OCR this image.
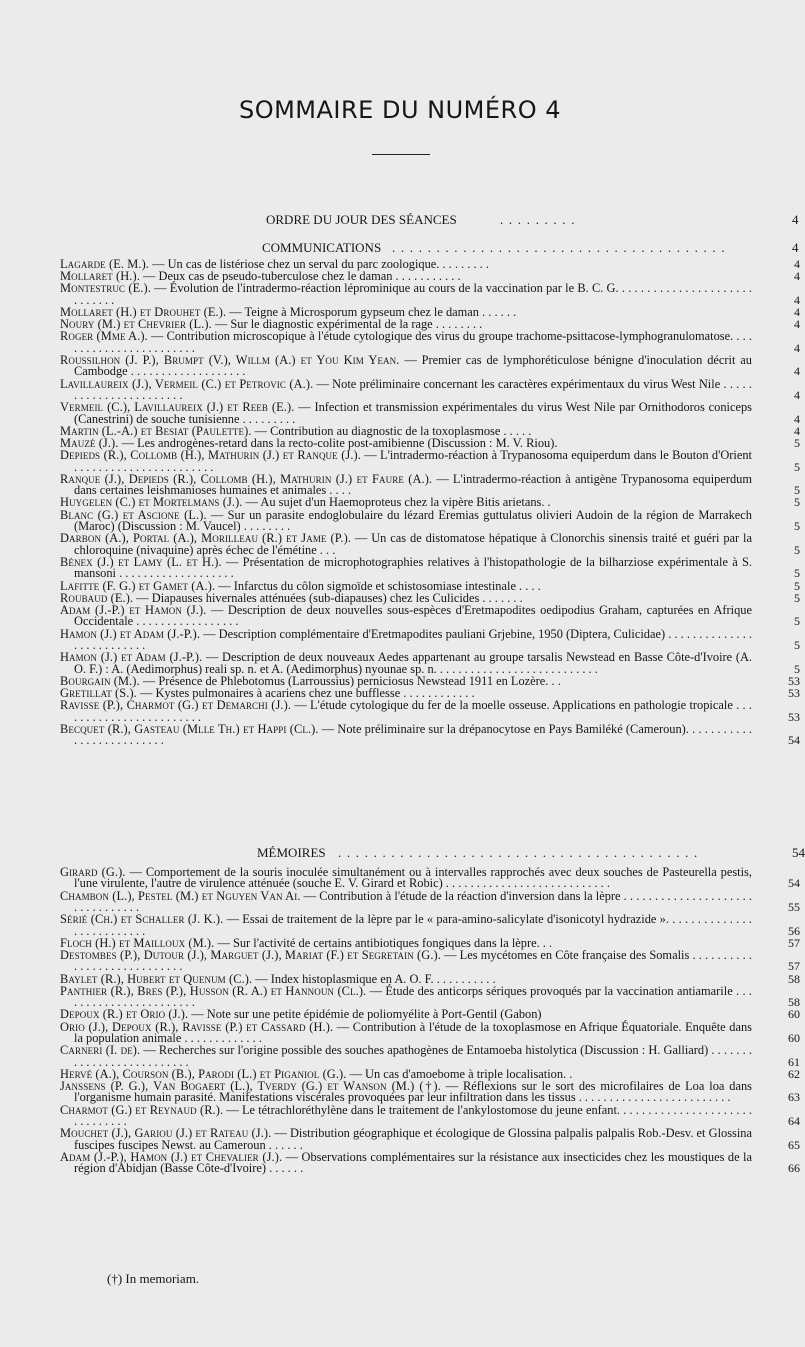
SOMMAIRE DU NUMÉRO 4
ORDRE DU JOUR DES SÉANCES	. . . . . . . . .	4
COMMUNICATIONS . . . . . . . . . . . . . . . . . . . . . . . . . . . . . . . . . . . . . .	4
Lagarde (E. M.). — Un cas de listériose chez un serval du parc zoologique. . . . . . . . .	4
Mollaret (H.). — Deux cas de pseudo-tuberculose chez le daman . . . . . . . . . . .	4
Montestruc (E.). — Évolution de l'intradermo-réaction léprominique au cours de la vaccination par le B. C. G. . . . . . . . . . . . . . . . . . . . . . . . . . . . .	4
Mollaret (H.) et Drouhet (E.). — Teigne à Microsporum gypseum chez le daman . . . . . .	4
Noury (M.) et Chevrier (L.). — Sur le diagnostic expérimental de la rage . . . . . . . .	4
Roger (Mme A.). — Contribution microscopique à l'étude cytologique des virus du groupe trachome-psittacose-lymphogranulomatose. . . . . . . . . . . . . . . . . . . . . . . .	4
Roussilhon (J. P.), Brumpt (V.), Willm (A.) et You Kim Yean. — Premier cas de lymphoréticulose bénigne d'inoculation décrit au Cambodge . . . . . . . . . . . . . . . . . . .	4
Lavillaureix (J.), Vermeil (C.) et Petrovic (A.). — Note préliminaire concernant les caractères expérimentaux du virus West Nile . . . . . . . . . . . . . . . . . . . . . . .	4
Vermeil (C.), Lavillaureix (J.) et Reeb (E.). — Infection et transmission expérimentales du virus West Nile par Ornithodoros coniceps (Canestrini) de souche tunisienne . . . . . . . . .	4
Martin (L.-A.) et Besiat (Paulette). — Contribution au diagnostic de la toxoplasmose . . . . .	4
Mauzé (J.). — Les androgènes-retard dans la recto-colite post-amibienne (Discussion : M. V. Riou).	5
Depieds (R.), Collomb (H.), Mathurin (J.) et Ranque (J.). — L'intradermo-réaction à Trypanosoma equiperdum dans le Bouton d'Orient . . . . . . . . . . . . . . . . . . . . . . .	5
Ranque (J.), Depieds (R.), Collomb (H.), Mathurin (J.) et Faure (A.). — L'intradermo-réaction à antigène Trypanosoma equiperdum dans certaines leishmanioses humaines et animales . . . .	5
Huygelen (C.) et Mortelmans (J.). — Au sujet d'un Haemoproteus chez la vipère Bitis arietans. .	5
Blanc (G.) et Ascione (L.). — Sur un parasite endoglobulaire du lézard Eremias guttulatus olivieri Audoin de la région de Marrakech (Maroc) (Discussion : M. Vaucel) . . . . . . . .	5
Darbon (A.), Portal (A.), Morilleau (R.) et Jame (P.). — Un cas de distomatose hépatique à Clonorchis sinensis traité et guéri par la chloroquine (nivaquine) après échec de l'émétine . . .	5
Bénex (J.) et Lamy (L. et H.). — Présentation de microphotographies relatives à l'histopathologie de la bilharziose expérimentale à S. mansoni . . . . . . . . . . . . . . . . . . .	5
Lafitte (F. G.) et Gamet (A.). — Infarctus du côlon sigmoïde et schistosomiase intestinale . . . .	5
Roubaud (E.). — Diapauses hivernales atténuées (sub-diapauses) chez les Culicides . . . . . . .	5
Adam (J.-P.) et Hamon (J.). — Description de deux nouvelles sous-espèces d'Eretmapodites oedipodius Graham, capturées en Afrique Occidentale . . . . . . . . . . . . . . . . .	5
Hamon (J.) et Adam (J.-P.). — Description complémentaire d'Eretmapodites pauliani Grjebine, 1950 (Diptera, Culicidae) . . . . . . . . . . . . . . . . . . . . . . . . . .	5
Hamon (J.) et Adam (J.-P.). — Description de deux nouveaux Aedes appartenant au groupe tarsalis Newstead en Basse Côte-d'Ivoire (A. O. F.) : A. (Aedimorphus) reali sp. n. et A. (Aedimorphus) nyounae sp. n. . . . . . . . . . . . . . . . . . . . . . . . . . .	5
Bourgain (M.). — Présence de Phlebotomus (Larroussius) perniciosus Newstead 1911 en Lozère. . .	53
Gretillat (S.). — Kystes pulmonaires à acariens chez une bufflesse . . . . . . . . . . . .	53
Ravisse (P.), Charmot (G.) et Demarchi (J.). — L'étude cytologique du fer de la moelle osseuse. Applications en pathologie tropicale . . . . . . . . . . . . . . . . . . . . . . . .	53
Becquet (R.), Gasteau (Mlle Th.) et Happi (Cl.). — Note préliminaire sur la drépanocytose en Pays Bamiléké (Cameroun). . . . . . . . . . . . . . . . . . . . . . . . . .	54
MÉMOIRES . . . . . . . . . . . . . . . . . . . . . . . . . . . . . . . . . . . . . . . . .	54
Girard (G.). — Comportement de la souris inoculée simultanément ou à intervalles rapprochés avec deux souches de Pasteurella pestis, l'une virulente, l'autre de virulence atténuée (souche E. V. Girard et Robic) . . . . . . . . . . . . . . . . . . . . . . . . . . .	54
Chambon (L.), Pestel (M.) et Nguyen Van Ai. — Contribution à l'étude de la réaction d'inversion dans la lèpre . . . . . . . . . . . . . . . . . . . . . . . . . . . . . . . .	55
Sérié (Ch.) et Schaller (J. K.). — Essai de traitement de la lèpre par le « para-amino-salicylate d'isonicotyl hydrazide ». . . . . . . . . . . . . . . . . . . . . . . . . .	56
Floch (H.) et Mailloux (M.). — Sur l'activité de certains antibiotiques fongiques dans la lèpre. . .	57
Destombes (P.), Dutour (J.), Marguet (J.), Mariat (F.) et Segretain (G.). — Les mycétomes en Côte française des Somalis . . . . . . . . . . . . . . . . . . . . . . . . . . . .	57
Baylet (R.), Hubert et Quenum (C.). — Index histoplasmique en A. O. F. . . . . . . . . . .	58
Panthier (R.), Bres (P.), Husson (R. A.) et Hannoun (Cl.). — Étude des anticorps sériques provoqués par la vaccination antiamarile . . . . . . . . . . . . . . . . . . . . . . .	58
Depoux (R.) et Orio (J.). — Note sur une petite épidémie de poliomyélite à Port-Gentil (Gabon)	60
Orio (J.), Depoux (R.), Ravisse (P.) et Cassard (H.). — Contribution à l'étude de la toxoplasmose en Afrique Équatoriale. Enquête dans la population animale . . . . . . . . . . . . .	60
Carneri (I. de). — Recherches sur l'origine possible des souches apathogènes de Entamoeba histolytica (Discussion : H. Galliard) . . . . . . . . . . . . . . . . . . . . . . . . . .	61
Hervé (A.), Courson (B.), Parodi (L.) et Piganiol (G.). — Un cas d'amoebome à triple localisation. .	62
Janssens (P. G.), Van Bogaert (L.), Tverdy (G.) et Wanson (M.) (†). — Réflexions sur le sort des microfilaires de Loa loa dans l'organisme humain parasité. Manifestations viscérales provoquées par leur infiltration dans les tissus . . . . . . . . . . . . . . . . . . . . . . . . .	63
Charmot (G.) et Reynaud (R.). — Le tétrachloréthylène dans le traitement de l'ankylostomose du jeune enfant. . . . . . . . . . . . . . . . . . . . . . . . . . . . . . .	64
Mouchet (J.), Gariou (J.) et Rateau (J.). — Distribution géographique et écologique de Glossina palpalis palpalis Rob.-Desv. et Glossina fuscipes fuscipes Newst. au Cameroun . . . . . .	65
Adam (J.-P.), Hamon (J.) et Chevalier (J.). — Observations complémentaires sur la résistance aux insecticides chez les moustiques de la région d'Abidjan (Basse Côte-d'Ivoire) . . . . . .	66
(†) In memoriam.
